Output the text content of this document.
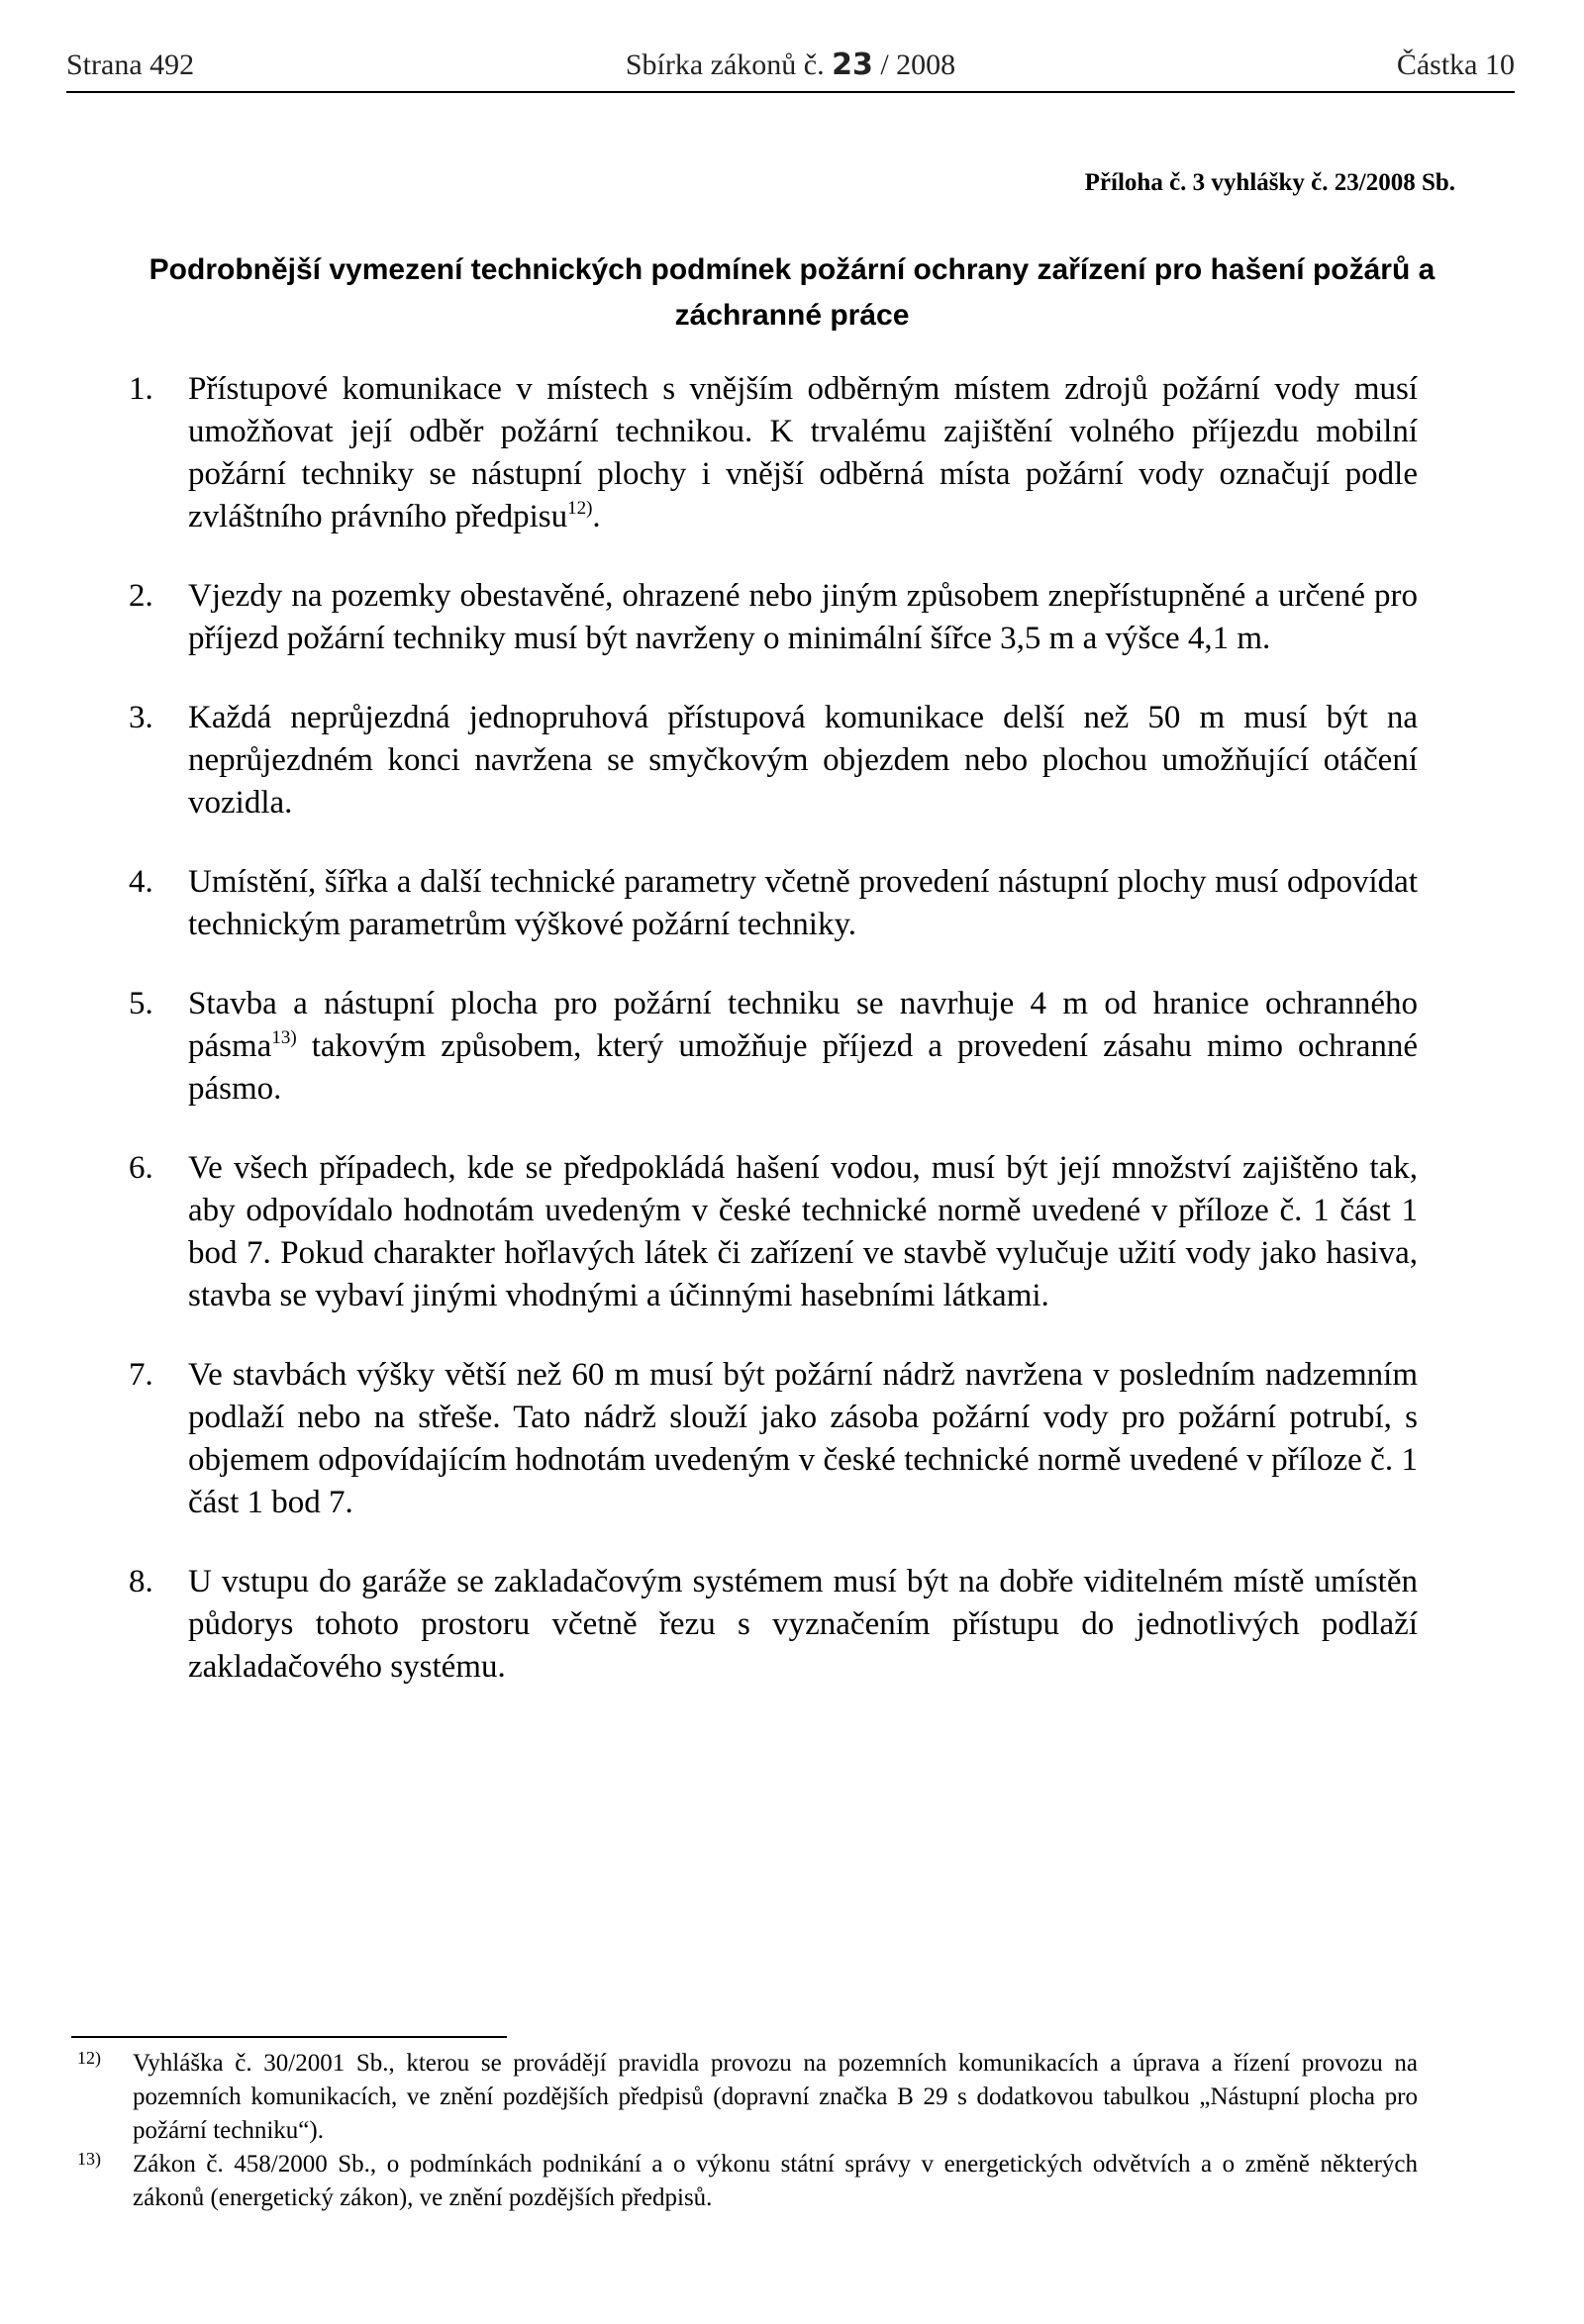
Strana 492	Sbírka zákonů č. 23 / 2008	Částka 10
Příloha č. 3 vyhlášky č. 23/2008 Sb.
Podrobnější vymezení technických podmínek požární ochrany zařízení pro hašení požárů a záchranné práce
1. Přístupové komunikace v místech s vnějším odběrným místem zdrojů požární vody musí umožňovat její odběr požární technikou. K trvalému zajištění volného příjezdu mobilní požární techniky se nástupní plochy i vnější odběrná místa požární vody označují podle zvláštního právního předpisu$^{12)}$.
2. Vjezdy na pozemky obestavěné, ohrazené nebo jiným způsobem znepřístupněné a určené pro příjezd požární techniky musí být navrženy o minimální šířce 3,5 m a výšce 4,1 m.
3. Každá neprůjezdná jednopruhová přístupová komunikace delší než 50 m musí být na neprůjezdném konci navržena se smyčkovým objezdem nebo plochou umožňující otáčení vozidla.
4. Umístění, šířka a další technické parametry včetně provedení nástupní plochy musí odpovídat technickým parametrům výškové požární techniky.
5. Stavba a nástupní plocha pro požární techniku se navrhuje 4 m od hranice ochranného pásma$^{13)}$ takovým způsobem, který umožňuje příjezd a provedení zásahu mimo ochranné pásmo.
6. Ve všech případech, kde se předpokládá hašení vodou, musí být její množství zajištěno tak, aby odpovídalo hodnotám uvedeným v české technické normě uvedené v příloze č. 1 část 1 bod 7. Pokud charakter hořlavých látek či zařízení ve stavbě vylučuje užití vody jako hasiva, stavba se vybaví jinými vhodnými a účinnými hasebními látkami.
7. Ve stavbách výšky větší než 60 m musí být požární nádrž navržena v posledním nadzemním podlaží nebo na střeše. Tato nádrž slouží jako zásoba požární vody pro požární potrubí, s objemem odpovídajícím hodnotám uvedeným v české technické normě uvedené v příloze č. 1 část 1 bod 7.
8. U vstupu do garáže se zakladačovým systémem musí být na dobře viditelném místě umístěn půdorys tohoto prostoru včetně řezu s vyznačením přístupu do jednotlivých podlaží zakladačového systému.

12) Vyhláška č. 30/2001 Sb., kterou se provádějí pravidla provozu na pozemních komunikacích a úprava a řízení provozu na pozemních komunikacích, ve znění pozdějších předpisů (dopravní značka B 29 s dodatkovou tabulkou „Nástupní plocha pro požární techniku“).

13) Zákon č. 458/2000 Sb., o podmínkách podnikání a o výkonu státní správy v energetických odvětvích a o změně některých zákonů (energetický zákon), ve znění pozdějších předpisů.
